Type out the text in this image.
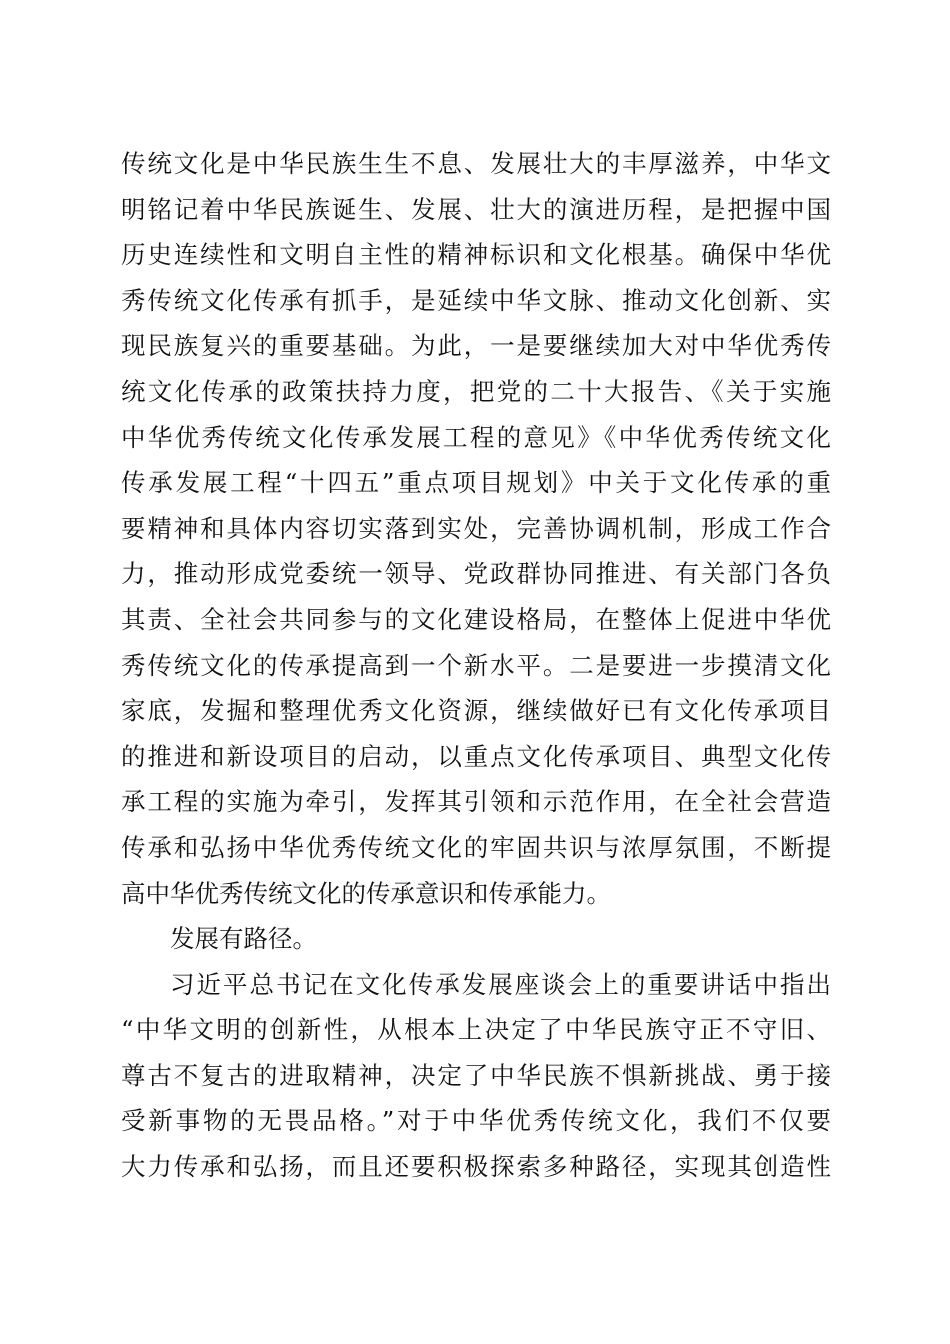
传统文化是中华民族生生不息、发展壮大的丰厚滋养，中华文
明铭记着中华民族诞生、发展、壮大的演进历程，是把握中国
历史连续性和文明自主性的精神标识和文化根基。确保中华优
秀传统文化传承有抓手，是延续中华文脉、推动文化创新、实
现民族复兴的重要基础。为此，一是要继续加大对中华优秀传
统文化传承的政策扶持力度，把党的二十大报告、《关于实施
中华优秀传统文化传承发展工程的意见》《中华优秀传统文化
传承发展工程“十四五”重点项目规划》中关于文化传承的重
要精神和具体内容切实落到实处，完善协调机制，形成工作合
力，推动形成党委统一领导、党政群协同推进、有关部门各负
其责、全社会共同参与的文化建设格局，在整体上促进中华优
秀传统文化的传承提高到一个新水平。二是要进一步摸清文化
家底，发掘和整理优秀文化资源，继续做好已有文化传承项目
的推进和新设项目的启动，以重点文化传承项目、典型文化传
承工程的实施为牵引，发挥其引领和示范作用，在全社会营造
传承和弘扬中华优秀传统文化的牢固共识与浓厚氛围，不断提
高中华优秀传统文化的传承意识和传承能力。
发展有路径。
习近平总书记在文化传承发展座谈会上的重要讲话中指出
“中华文明的创新性，从根本上决定了中华民族守正不守旧、
尊古不复古的进取精神，决定了中华民族不惧新挑战、勇于接
受新事物的无畏品格。”对于中华优秀传统文化，我们不仅要
大力传承和弘扬，而且还要积极探索多种路径，实现其创造性
